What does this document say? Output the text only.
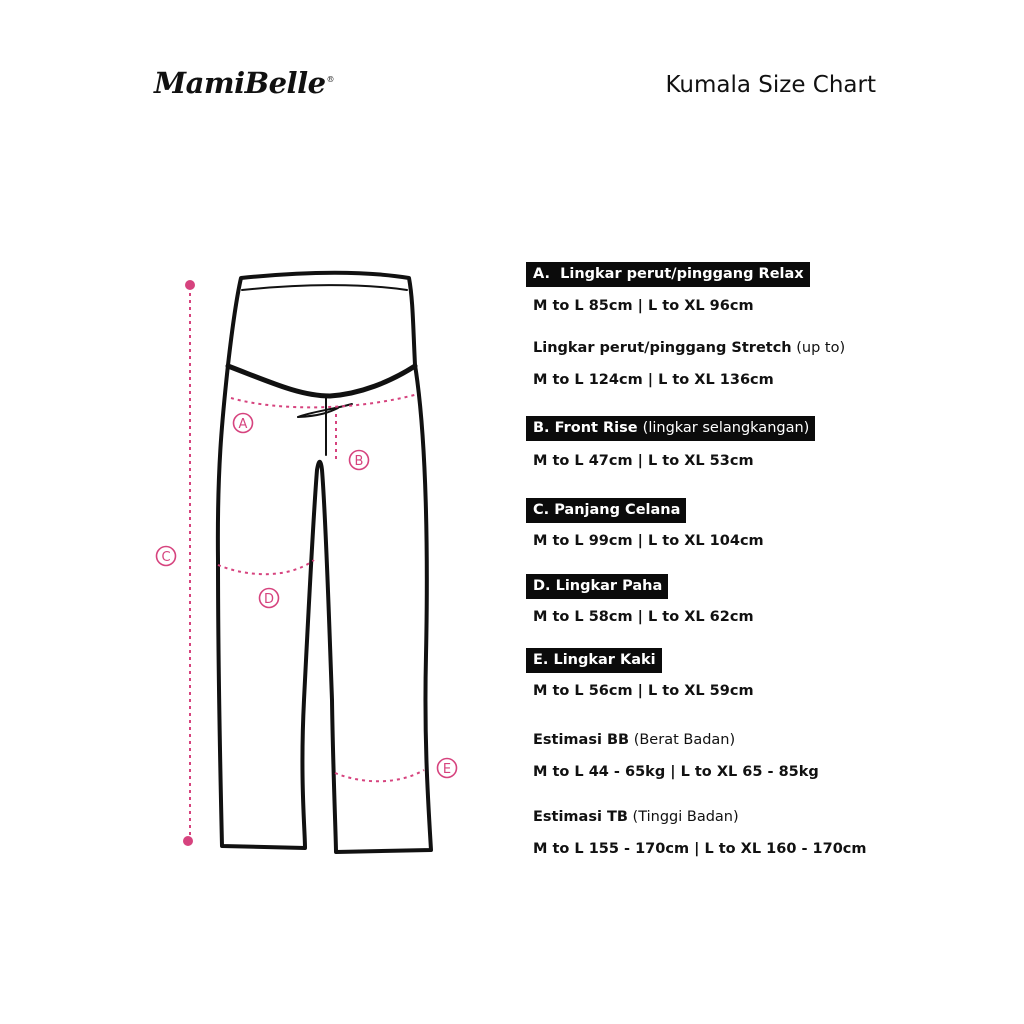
MamiBelle®	Kumala Size Chart
A
B
C
D
E
A. Lingkar perut/pinggang Relax
M to L 85cm | L to XL 96cm
Lingkar perut/pinggang Stretch (up to)
M to L 124cm | L to XL 136cm
B. Front Rise (lingkar selangkangan)
M to L 47cm | L to XL 53cm
C. Panjang Celana
M to L 99cm | L to XL 104cm
D. Lingkar Paha
M to L 58cm | L to XL 62cm
E. Lingkar Kaki
M to L 56cm | L to XL 59cm
Estimasi BB (Berat Badan)
M to L 44 - 65kg | L to XL 65 - 85kg
Estimasi TB (Tinggi Badan)
M to L 155 - 170cm | L to XL 160 - 170cm
